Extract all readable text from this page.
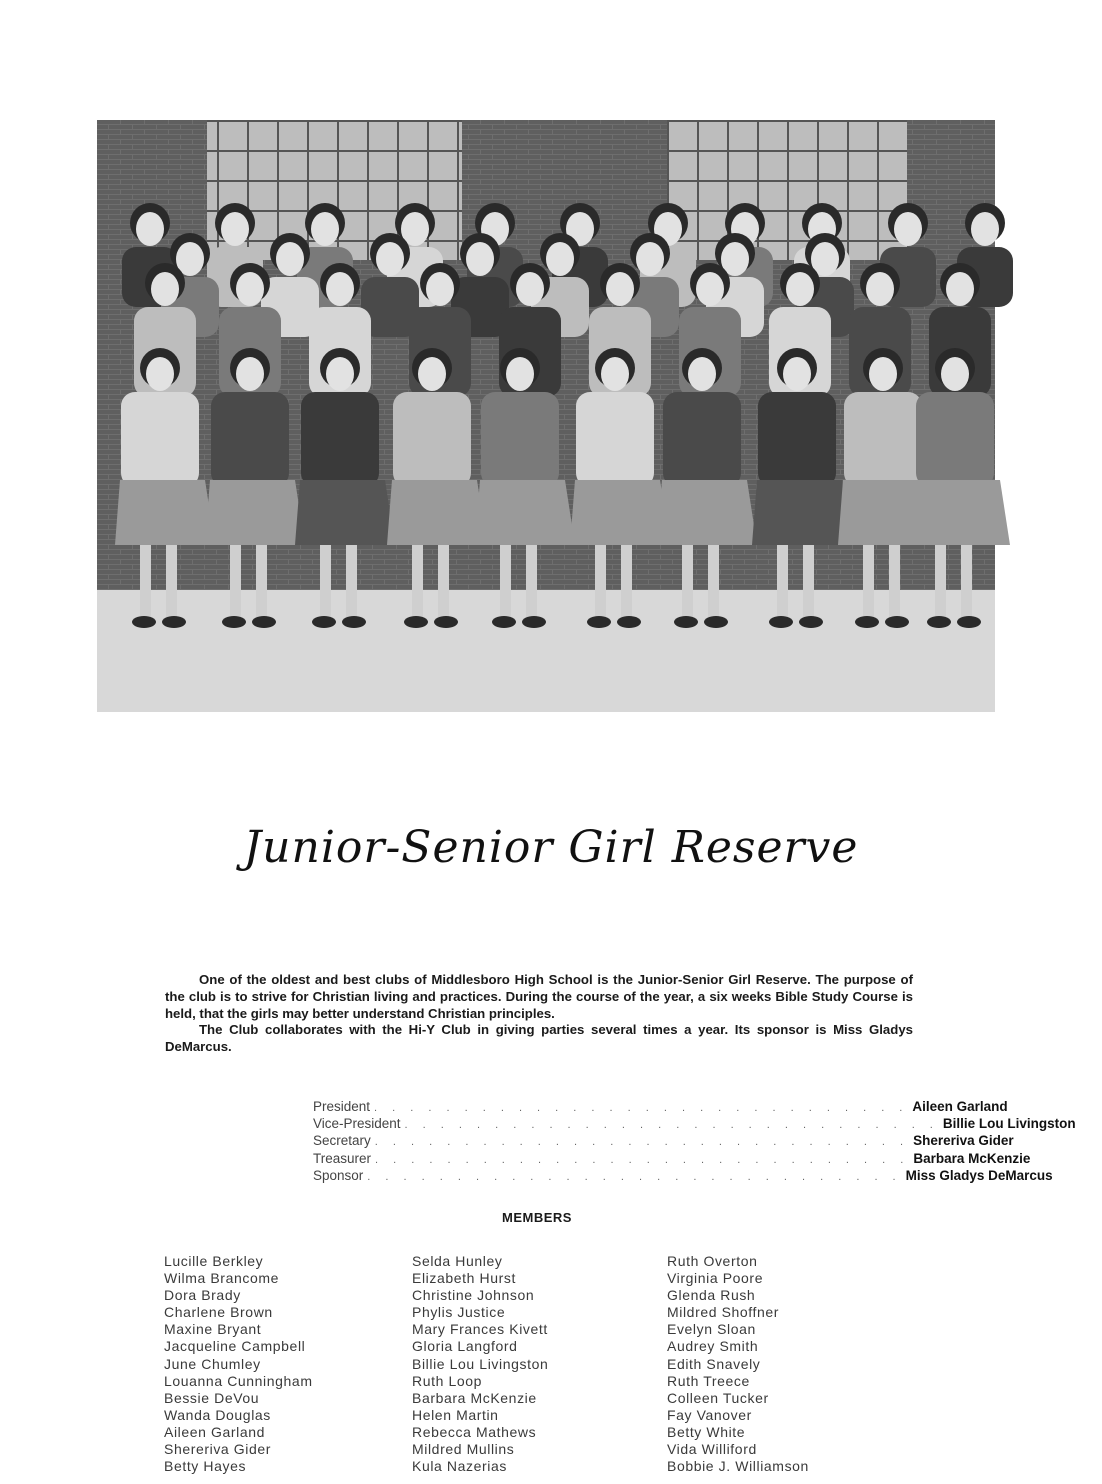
Junior-Senior Girl Reserve

One of the oldest and best clubs of Middlesboro High School is the Junior-Senior Girl Reserve. The purpose of the club is to strive for Christian living and practices. During the course of the year, a six weeks Bible Study Course is held, that the girls may better understand Christian principles.

The Club collaborates with the Hi-Y Club in giving parties several times a year. Its sponsor is Miss Gladys DeMarcus.

President . . . . . . . . . . . . . . . . . . . . . . . . . . . . . . Aileen Garland
Vice-President . . . . . . . . . . . . . . . . . . . . . . . . . . . . . . Billie Lou Livingston
Secretary . . . . . . . . . . . . . . . . . . . . . . . . . . . . . . Shereriva Gider
Treasurer . . . . . . . . . . . . . . . . . . . . . . . . . . . . . . Barbara McKenzie
Sponsor . . . . . . . . . . . . . . . . . . . . . . . . . . . . . . Miss Gladys DeMarcus
MEMBERS
Lucille Berkley
Wilma Brancome
Dora Brady
Charlene Brown
Maxine Bryant
Jacqueline Campbell
June Chumley
Louanna Cunningham
Bessie DeVou
Wanda Douglas
Aileen Garland
Shereriva Gider
Betty Hayes
Selda Hunley
Elizabeth Hurst
Christine Johnson
Phylis Justice
Mary Frances Kivett
Gloria Langford
Billie Lou Livingston
Ruth Loop
Barbara McKenzie
Helen Martin
Rebecca Mathews
Mildred Mullins
Kula Nazerias
Ruth Overton
Virginia Poore
Glenda Rush
Mildred Shoffner
Evelyn Sloan
Audrey Smith
Edith Snavely
Ruth Treece
Colleen Tucker
Fay Vanover
Betty White
Vida Williford
Bobbie J. Williamson
